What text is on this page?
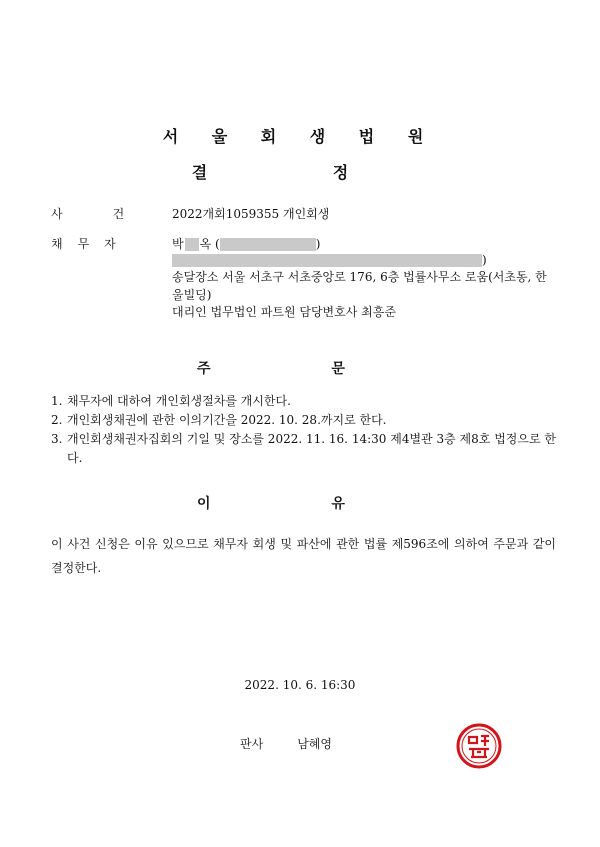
서 울 회 생 법 원
결 정
사	건	2022개회1059355 개인회생
채무자	박 옥 (	)
)
송달장소 서울 서초구 서초중앙로 176, 6층 법률사무소 로움(서초동, 한울빌딩)
대리인 법무법인 파트원 담당변호사 최흥준
주 문
1. 채무자에 대하여 개인회생절차를 개시한다.
2. 개인회생채권에 관한 이의기간을 2022. 10. 28.까지로 한다.
3. 개인회생채권자집회의 기일 및 장소를 2022. 11. 16. 14:30 제4별관 3층 제8호 법정으로 한다.
이 유
이 사건 신청은 이유 있으므로 채무자 회생 및 파산에 관한 법률 제596조에 의하여 주문과 같이 결정한다.
2022. 10. 6. 16:30
판사	남혜영
